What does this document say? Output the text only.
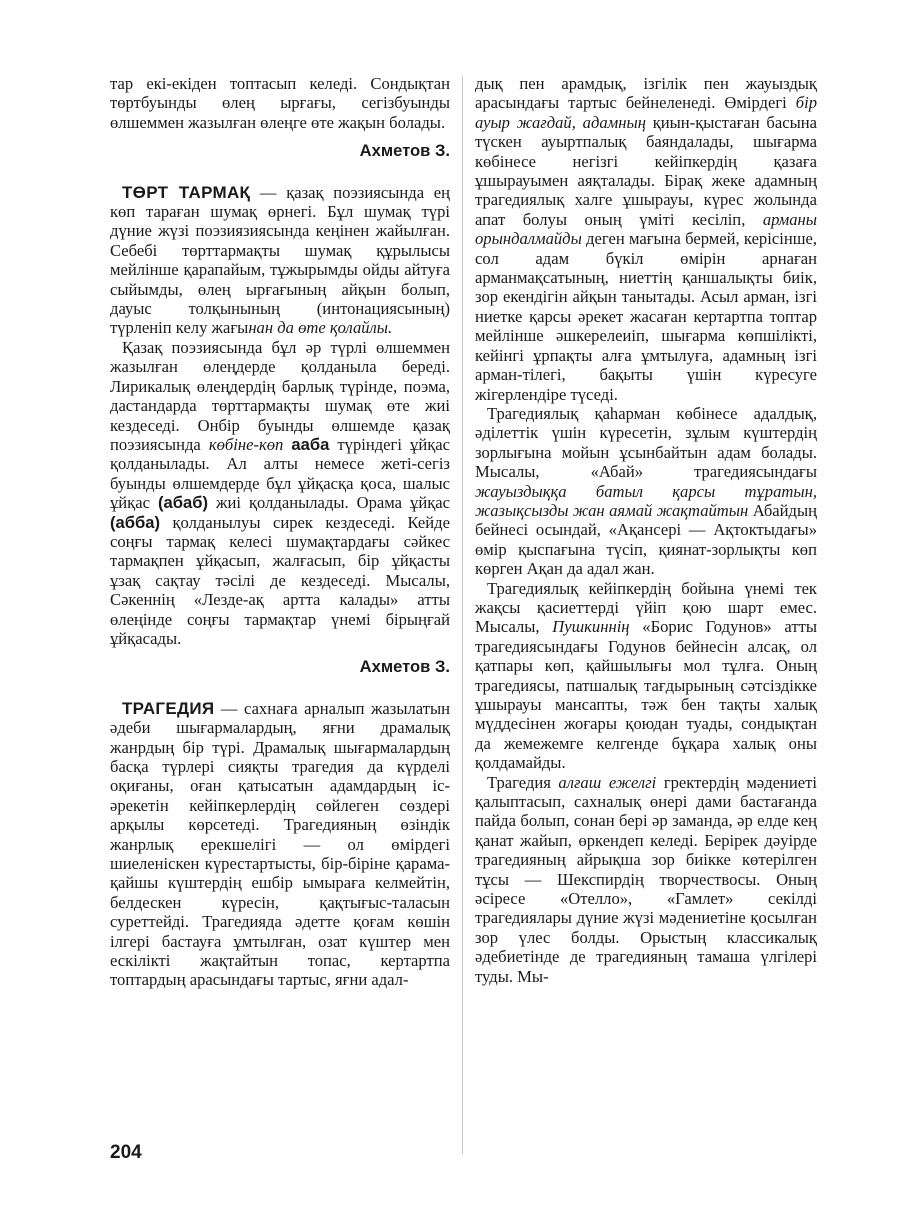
тар екі-екіден топтасып келеді. Сондықтан төртбуынды өлең ырғағы, сегізбуынды өлшеммен жазылған өлеңге өте жақын болады.

Ахметов З.

ТӨРТ ТАРМАҚ — қазақ поэзиясында ең көп тараған шумақ өрнегі. Бұл шумақ түрі дүние жүзі поэзиязиясында кеңінен жайылған. Себебі төрттармақты шумақ құрылысы мейлінше қарапайым, тұжырымды ойды айтуға сыйымды, өлең ырғағының айқын болып, дауыс толқынының (интонациясының) түрленіп келу жағынан да өте қолайлы.

Қазақ поэзиясында бұл әр түрлі өлшеммен жазылған өлеңдерде қолданыла береді. Лирикалық өлеңдердің барлық түрінде, поэма, дастандарда төрттармақты шумақ өте жиі кездеседі. Онбір буынды өлшемде қазақ поэзиясында көбіне-көп ааба түріндегі ұйқас қолданылады. Ал алты немесе жеті-сегіз буынды өлшемдерде бұл ұйқасқа қоса, шалыс ұйқас (абаб) жиі қолданылады. Орама ұйқас (абба) қолданылуы сирек кездеседі. Кейде соңғы тармақ келесі шумақтардағы сәйкес тармақпен ұйқасып, жалғасып, бір ұйқасты ұзақ сақтау тәсілі де кездеседі. Мысалы, Сәкеннің «Лезде-ақ артта калады» атты өлеңінде соңғы тармақтар үнемі бірыңғай ұйқасады.

Ахметов З.

ТРАГЕДИЯ — сахнаға арналып жазылатын әдеби шығармалардың, яғни драмалық жанрдың бір түрі. Драмалық шығармалардың басқа түрлері сияқты трагедия да күрделі оқиғаны, оған қатысатын адамдардың іс-әрекетін кейіпкерлердің сөйлеген сөздері арқылы көрсетеді. Трагедияның өзіндік жанрлық ерекшелігі — ол өмірдегі шиеленіскен күрестартысты, бір-біріне қарама-қайшы күштердің ешбір ымыраға келмейтін, белдескен күресін, қақтығыс-таласын суреттейді. Трагедияда әдетте қоғам көшін ілгері бастауға ұмтылған, озат күштер мен ескілікті жақтайтын топас, кертартпа топтардың арасындағы тартыс, яғни адал-

дық пен арамдық, ізгілік пен жауыздық арасындағы тартыс бейнеленеді. Өмірдегі бір ауыр жағдай, адамның қиын-қыстаған басына түскен ауыртпалық баяндалады, шығарма көбінесе негізгі кейіпкердің қазаға ұшырауымен аяқталады. Бірақ жеке адамның трагедиялық халге ұшырауы, күрес жолында апат болуы оның үміті кесіліп, арманы орындалмайды деген мағына бермей, керісінше, сол адам бүкіл өмірін арнаған арманмақсатының, ниеттің қаншалықты биік, зор екендігін айқын танытады. Асыл арман, ізгі ниетке қарсы әрекет жасаған кертартпа топтар мейлінше әшкерелеиіп, шығарма көпшілікті, кейінгі ұрпақты алға ұмтылуға, адамның ізгі арман-тілегі, бақыты үшін күресуге жігерлендіре түседі.

Трагедиялық қаһарман көбінесе адалдық, әділеттік үшін күресетін, зұлым күштердің зорлығына мойын ұсынбайтын адам болады. Мысалы, «Абай» трагедиясындағы жауыздыққа батыл қарсы тұратын, жазықсызды жан аямай жақтайтын Абайдың бейнесі осындай, «Ақансері — Ақтоктыдағы» өмір қыспағына түсіп, қиянат-зорлықты көп көрген Ақан да адал жан.

Трагедиялық кейіпкердің бойына үнемі тек жақсы қасиеттерді үйіп қою шарт емес. Мысалы, Пушкиннің «Борис Годунов» атты трагедиясындағы Годунов бейнесін алсақ, ол қатпары көп, қайшылығы мол тұлға. Оның трагедиясы, патшалық тағдырының сәтсіздікке ұшырауы мансапты, тәж бен тақты халық мүддесінен жоғары қоюдан туады, сондықтан да жемежемге келгенде бұқара халық оны қолдамайды.

Трагедия алғаш ежелгі гректердің мәдениеті қалыптасып, сахналық өнері дами бастағанда пайда болып, сонан бері әр заманда, әр елде кең қанат жайып, өркендеп келеді. Берірек дәуірде трагедияның айрықша зор биікке көтерілген тұсы — Шекспирдің творчествосы. Оның әсіресе «Отелло», «Гамлет» секілді трагедиялары дүние жүзі мәдениетіне қосылған зор үлес болды. Орыстың классикалық әдебиетінде де трагедияның тамаша үлгілері туды. Мы-

204
